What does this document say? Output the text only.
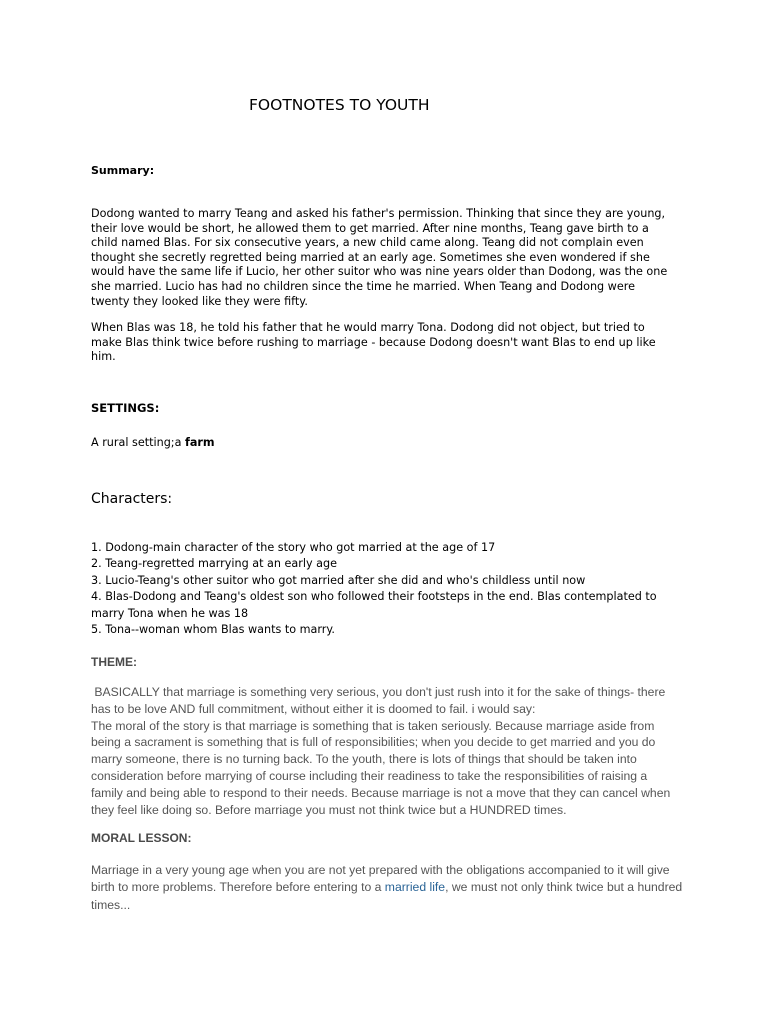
FOOTNOTES TO YOUTH
Summary:

Dodong wanted to marry Teang and asked his father's permission. Thinking that since they are young, their love would be short, he allowed them to get married. After nine months, Teang gave birth to a child named Blas. For six consecutive years, a new child came along. Teang did not complain even thought she secretly regretted being married at an early age. Sometimes she even wondered if she would have the same life if Lucio, her other suitor who was nine years older than Dodong, was the one she married. Lucio has had no children since the time he married. When Teang and Dodong were twenty they looked like they were fifty.

When Blas was 18, he told his father that he would marry Tona. Dodong did not object, but tried to make Blas think twice before rushing to marriage - because Dodong doesn't want Blas to end up like him.

SETTINGS:
A rural setting;a farm
Characters:
1. Dodong-main character of the story who got married at the age of 17
2. Teang-regretted marrying at an early age
3. Lucio-Teang's other suitor who got married after she did and who's childless until now
4. Blas-Dodong and Teang's oldest son who followed their footsteps in the end. Blas contemplated to marry Tona when he was 18
5. Tona--woman whom Blas wants to marry.
THEME:
BASICALLY that marriage is something very serious, you don't just rush into it for the sake of things- there has to be love AND full commitment, without either it is doomed to fail. i would say:
The moral of the story is that marriage is something that is taken seriously. Because marriage aside from being a sacrament is something that is full of responsibilities; when you decide to get married and you do marry someone, there is no turning back. To the youth, there is lots of things that should be taken into consideration before marrying of course including their readiness to take the responsibilities of raising a family and being able to respond to their needs. Because marriage is not a move that they can cancel when they feel like doing so. Before marriage you must not think twice but a HUNDRED times.
MORAL LESSON:

Marriage in a very young age when you are not yet prepared with the obligations accompanied to it will give birth to more problems. Therefore before entering to a married life, we must not only think twice but a hundred times...
